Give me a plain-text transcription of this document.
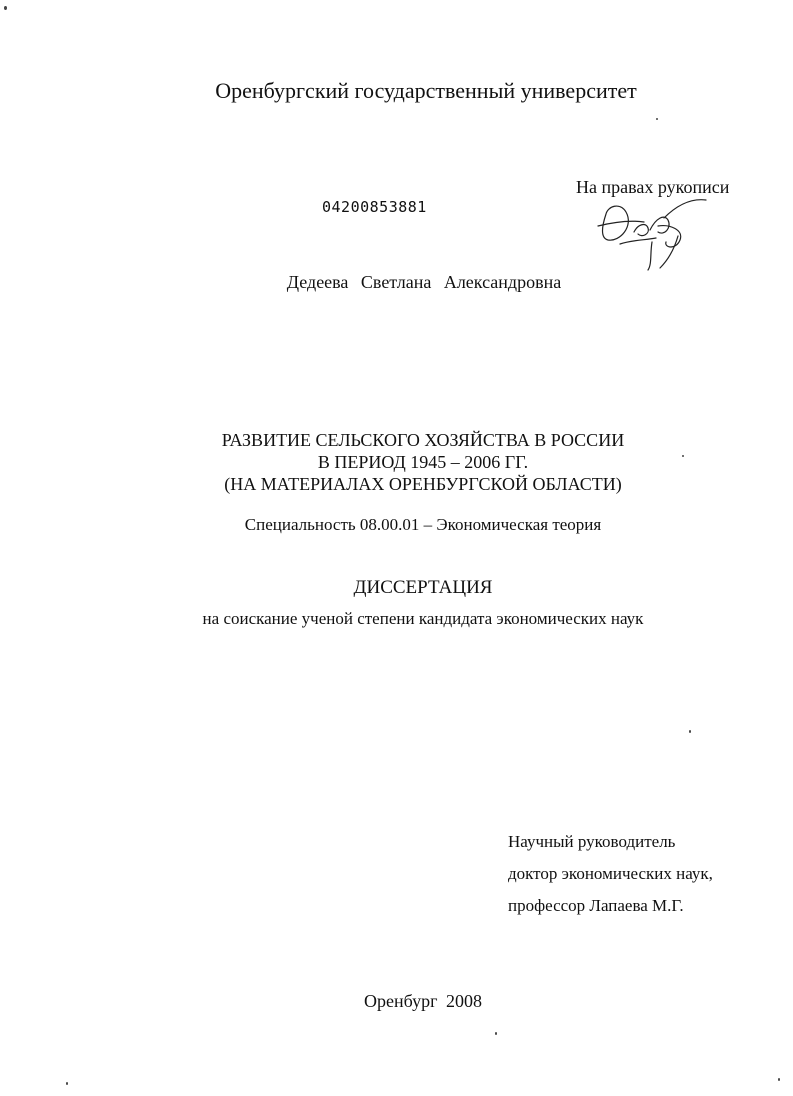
Оренбургский государственный университет
На правах рукописи
04200853881
Дедеева Светлана Александровна
РАЗВИТИЕ СЕЛЬСКОГО ХОЗЯЙСТВА В РОССИИ
В ПЕРИОД 1945 – 2006 ГГ.
(НА МАТЕРИАЛАХ ОРЕНБУРГСКОЙ ОБЛАСТИ)
Специальность 08.00.01 – Экономическая теория
ДИССЕРТАЦИЯ
на соискание ученой степени кандидата экономических наук
Научный руководитель
доктор экономических наук,
профессор Лапаева М.Г.
Оренбург 2008
